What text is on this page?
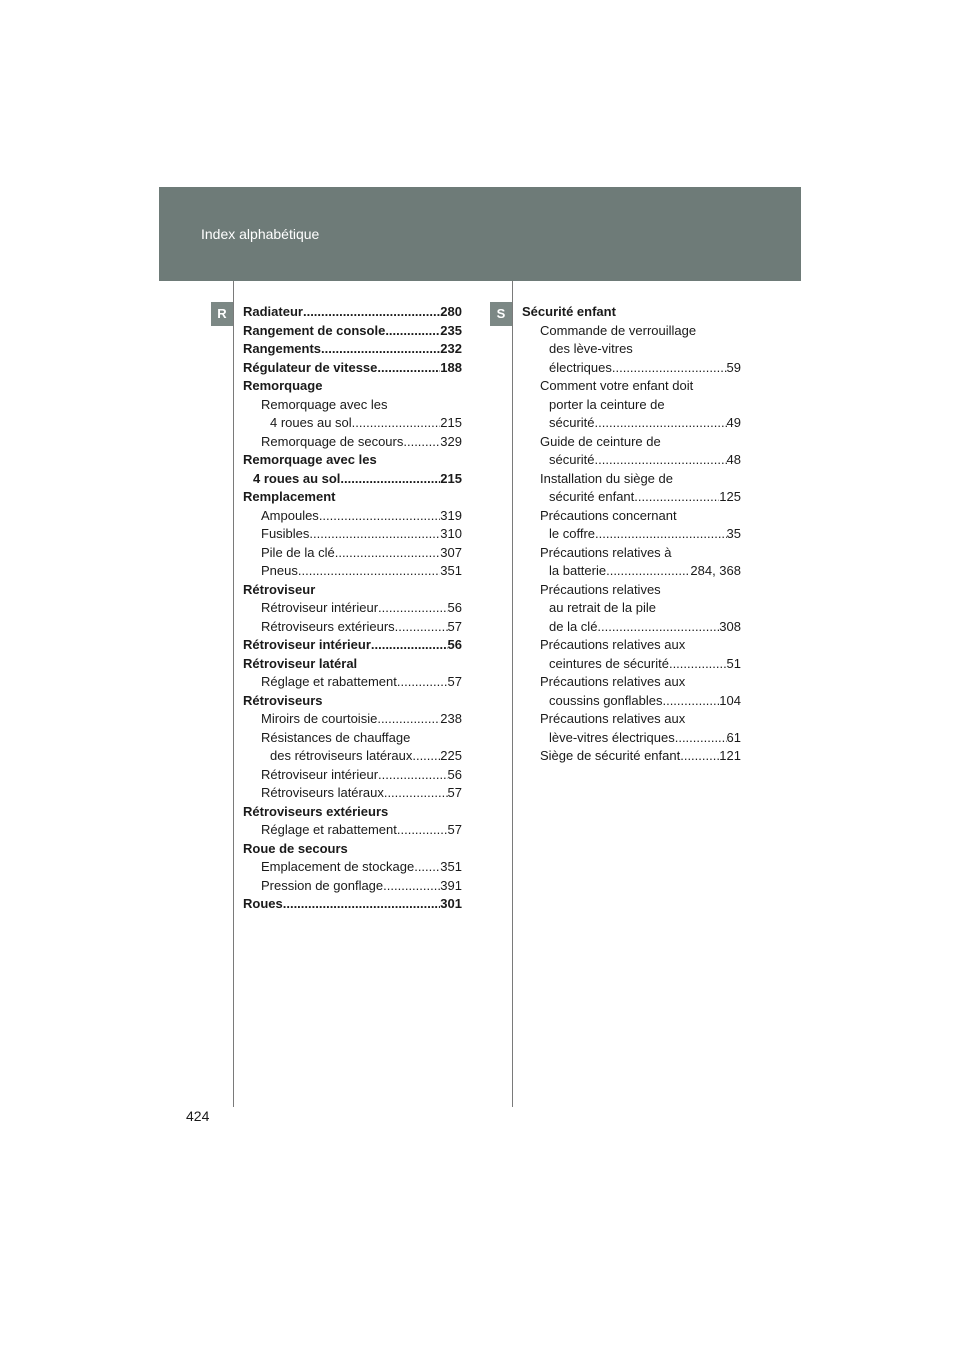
Index alphabétique
R	S
Radiateur .....	280
Rangement de console .....	235
Rangements .....	232
Régulateur de vitesse .....	188
Remorquage
Remorquage avec les
4 roues au sol .....	215
Remorquage de secours .....	329
Remorquage avec les
4 roues au sol .....	215
Remplacement
Ampoules .....	319
Fusibles .....	310
Pile de la clé .....	307
Pneus .....	351
Rétroviseur
Rétroviseur intérieur .....	56
Rétroviseurs extérieurs .....	57
Rétroviseur intérieur .....	56
Rétroviseur latéral
Réglage et rabattement .....	57
Rétroviseurs
Miroirs de courtoisie .....	238
Résistances de chauffage
des rétroviseurs latéraux ..... 225
Rétroviseur intérieur .....	56
Rétroviseurs latéraux .....	57
Rétroviseurs extérieurs
Réglage et rabattement .....	57
Roue de secours
Emplacement de stockage ..... 351
Pression de gonflage .....	391
Roues .....	301
Sécurité enfant
Commande de verrouillage
des lève-vitres
électriques .....	59
Comment votre enfant doit
porter la ceinture de
sécurité .....	49
Guide de ceinture de
sécurité .....	48
Installation du siège de
sécurité enfant .....	125
Précautions concernant
le coffre .....	35
Précautions relatives à
la batterie .....	284, 368
Précautions relatives
au retrait de la pile
de la clé .....	308
Précautions relatives aux
ceintures de sécurité .....	51
Précautions relatives aux
coussins gonflables .....	104
Précautions relatives aux
lève-vitres électriques .....	61
Siège de sécurité enfant .....	121
424
